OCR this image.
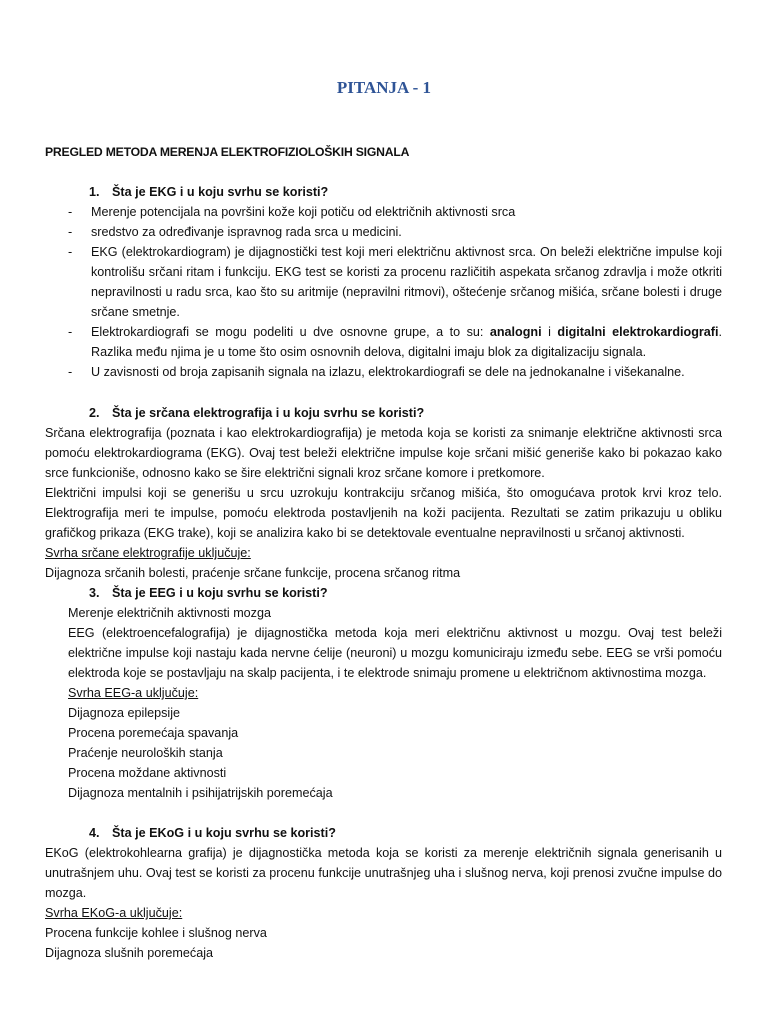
PITANJA - 1
PREGLED METODA MERENJA ELEKTROFIZIOLOŠKIH SIGNALA
1. Šta je EKG i u koju svrhu se koristi?
- Merenje potencijala na površini kože koji potiču od električnih aktivnosti srca
- sredstvo za određivanje ispravnog rada srca u medicini.
- EKG (elektrokardiogram) je dijagnostički test koji meri električnu aktivnost srca. On beleži električne impulse koji kontrolišu srčani ritam i funkciju. EKG test se koristi za procenu različitih aspekata srčanog zdravlja i može otkriti nepravilnosti u radu srca, kao što su aritmije (nepravilni ritmovi), oštećenje srčanog mišića, srčane bolesti i druge srčane smetnje.
- Elektrokardiografi se mogu podeliti u dve osnovne grupe, a to su: analogni i digitalni elektrokardiografi. Razlika među njima je u tome što osim osnovnih delova, digitalni imaju blok za digitalizaciju signala.
- U zavisnosti od broja zapisanih signala na izlazu, elektrokardiografi se dele na jednokanalne i višekanalne.
2. Šta je srčana elektrografija i u koju svrhu se koristi?

Srčana elektrografija (poznata i kao elektrokardiografija) je metoda koja se koristi za snimanje električne aktivnosti srca pomoću elektrokardiograma (EKG). Ovaj test beleži električne impulse koje srčani mišić generiše kako bi pokazao kako srce funkcioniše, odnosno kako se šire električni signali kroz srčane komore i pretkomore.

Električni impulsi koji se generišu u srcu uzrokuju kontrakciju srčanog mišića, što omogućava protok krvi kroz telo. Elektrografija meri te impulse, pomoću elektroda postavljenih na koži pacijenta. Rezultati se zatim prikazuju u obliku grafičkog prikaza (EKG trake), koji se analizira kako bi se detektovale eventualne nepravilnosti u srčanoj aktivnosti.

Svrha srčane elektrografije uključuje:

Dijagnoza srčanih bolesti, praćenje srčane funkcije, procena srčanog ritma

3. Šta je EEG i u koju svrhu se koristi?

Merenje električnih aktivnosti mozga

EEG (elektroencefalografija) je dijagnostička metoda koja meri električnu aktivnost u mozgu. Ovaj test beleži električne impulse koji nastaju kada nervne ćelije (neuroni) u mozgu komuniciraju između sebe. EEG se vrši pomoću elektroda koje se postavljaju na skalp pacijenta, i te elektrode snimaju promene u električnom aktivnostima mozga.

Svrha EEG-a uključuje:

Dijagnoza epilepsije
Procena poremećaja spavanja
Praćenje neuroloških stanja
Procena moždane aktivnosti
Dijagnoza mentalnih i psihijatrijskih poremećaja
4. Šta je EKoG i u koju svrhu se koristi?

EKoG (elektrokohlearna grafija) je dijagnostička metoda koja se koristi za merenje električnih signala generisanih u unutrašnjem uhu. Ovaj test se koristi za procenu funkcije unutrašnjeg uha i slušnog nerva, koji prenosi zvučne impulse do mozga.

Svrha EKoG-a uključuje:

Procena funkcije kohlee i slušnog nerva
Dijagnoza slušnih poremećaja
